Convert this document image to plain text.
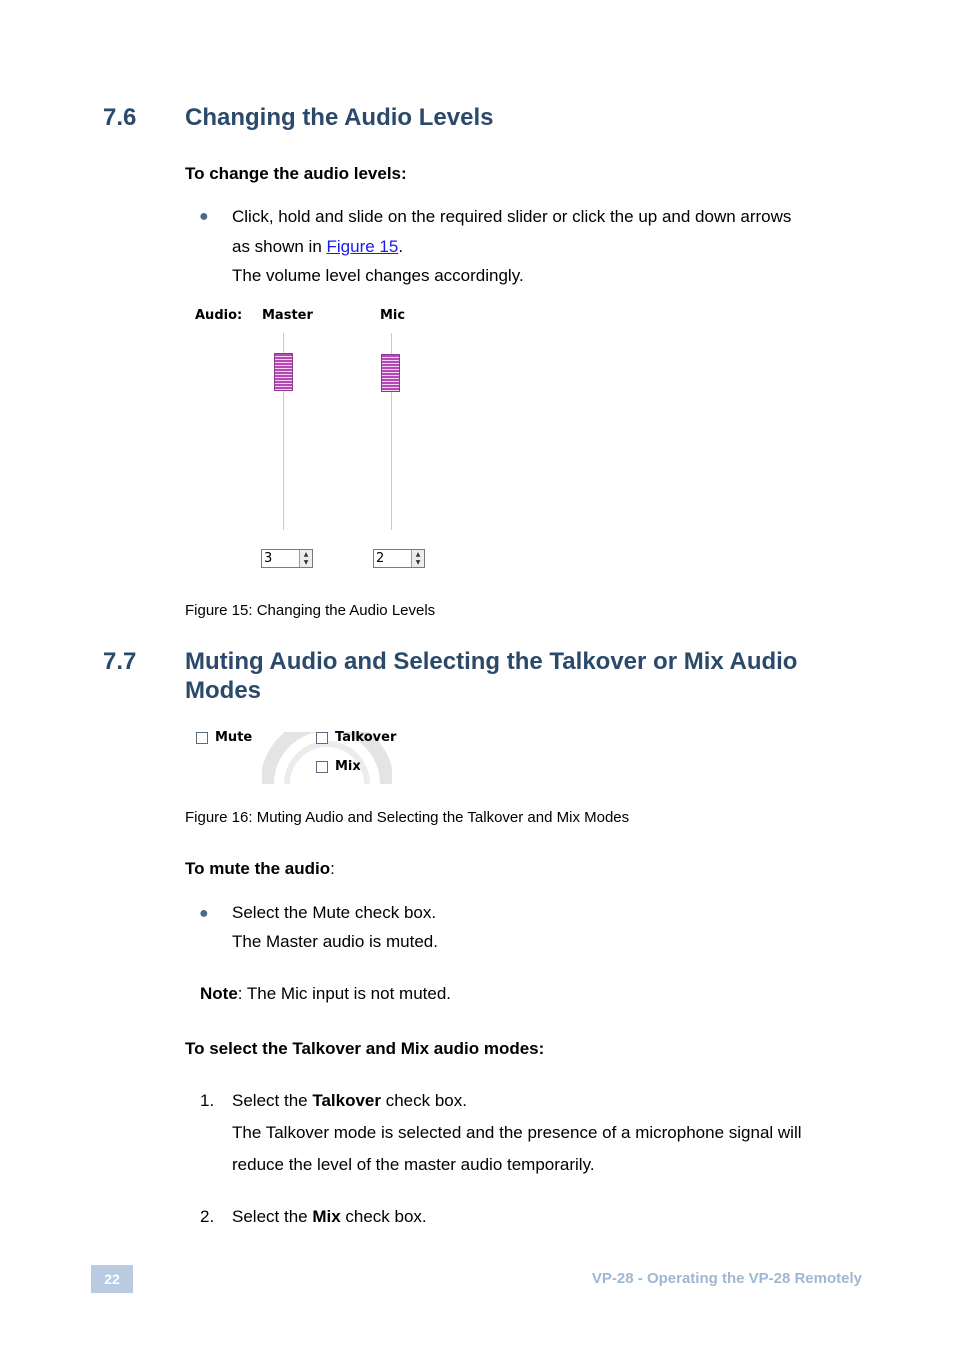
7.6 Changing the Audio Levels
To change the audio levels:
● Click, hold and slide on the required slider or click the up and down arrows
as shown in Figure 15.
The volume level changes accordingly.
Audio: Master	Mic
3	▲
▼	2	▲
▼
Figure 15: Changing the Audio Levels
7.7 Muting Audio and Selecting the Talkover or Mix Audio
Modes
Mute	Talkover
Mix
Figure 16: Muting Audio and Selecting the Talkover and Mix Modes
To mute the audio:
● Select the Mute check box.
The Master audio is muted.
Note: The Mic input is not muted.
To select the Talkover and Mix audio modes:
1. Select the Talkover check box.
The Talkover mode is selected and the presence of a microphone signal will
reduce the level of the master audio temporarily.
2. Select the Mix check box.
22	VP-28 - Operating the VP-28 Remotely
